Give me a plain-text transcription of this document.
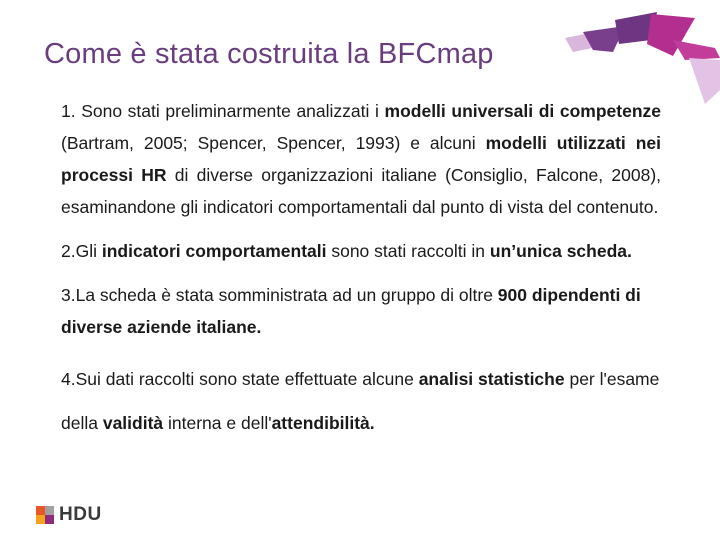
Come è stata costruita la BFCmap

1. Sono stati preliminarmente analizzati i modelli universali di competenze (Bartram, 2005; Spencer, Spencer, 1993) e alcuni modelli utilizzati nei processi HR di diverse organizzazioni italiane (Consiglio, Falcone, 2008), esaminandone gli indicatori comportamentali dal punto di vista del contenuto.

2.Gli indicatori comportamentali sono stati raccolti in un’unica scheda.

3.La scheda è stata somministrata ad un gruppo di oltre 900 dipendenti di diverse aziende italiane.

4.Sui dati raccolti sono state effettuate alcune analisi statistiche per l'esame della validità interna e dell'attendibilità.

HDU
